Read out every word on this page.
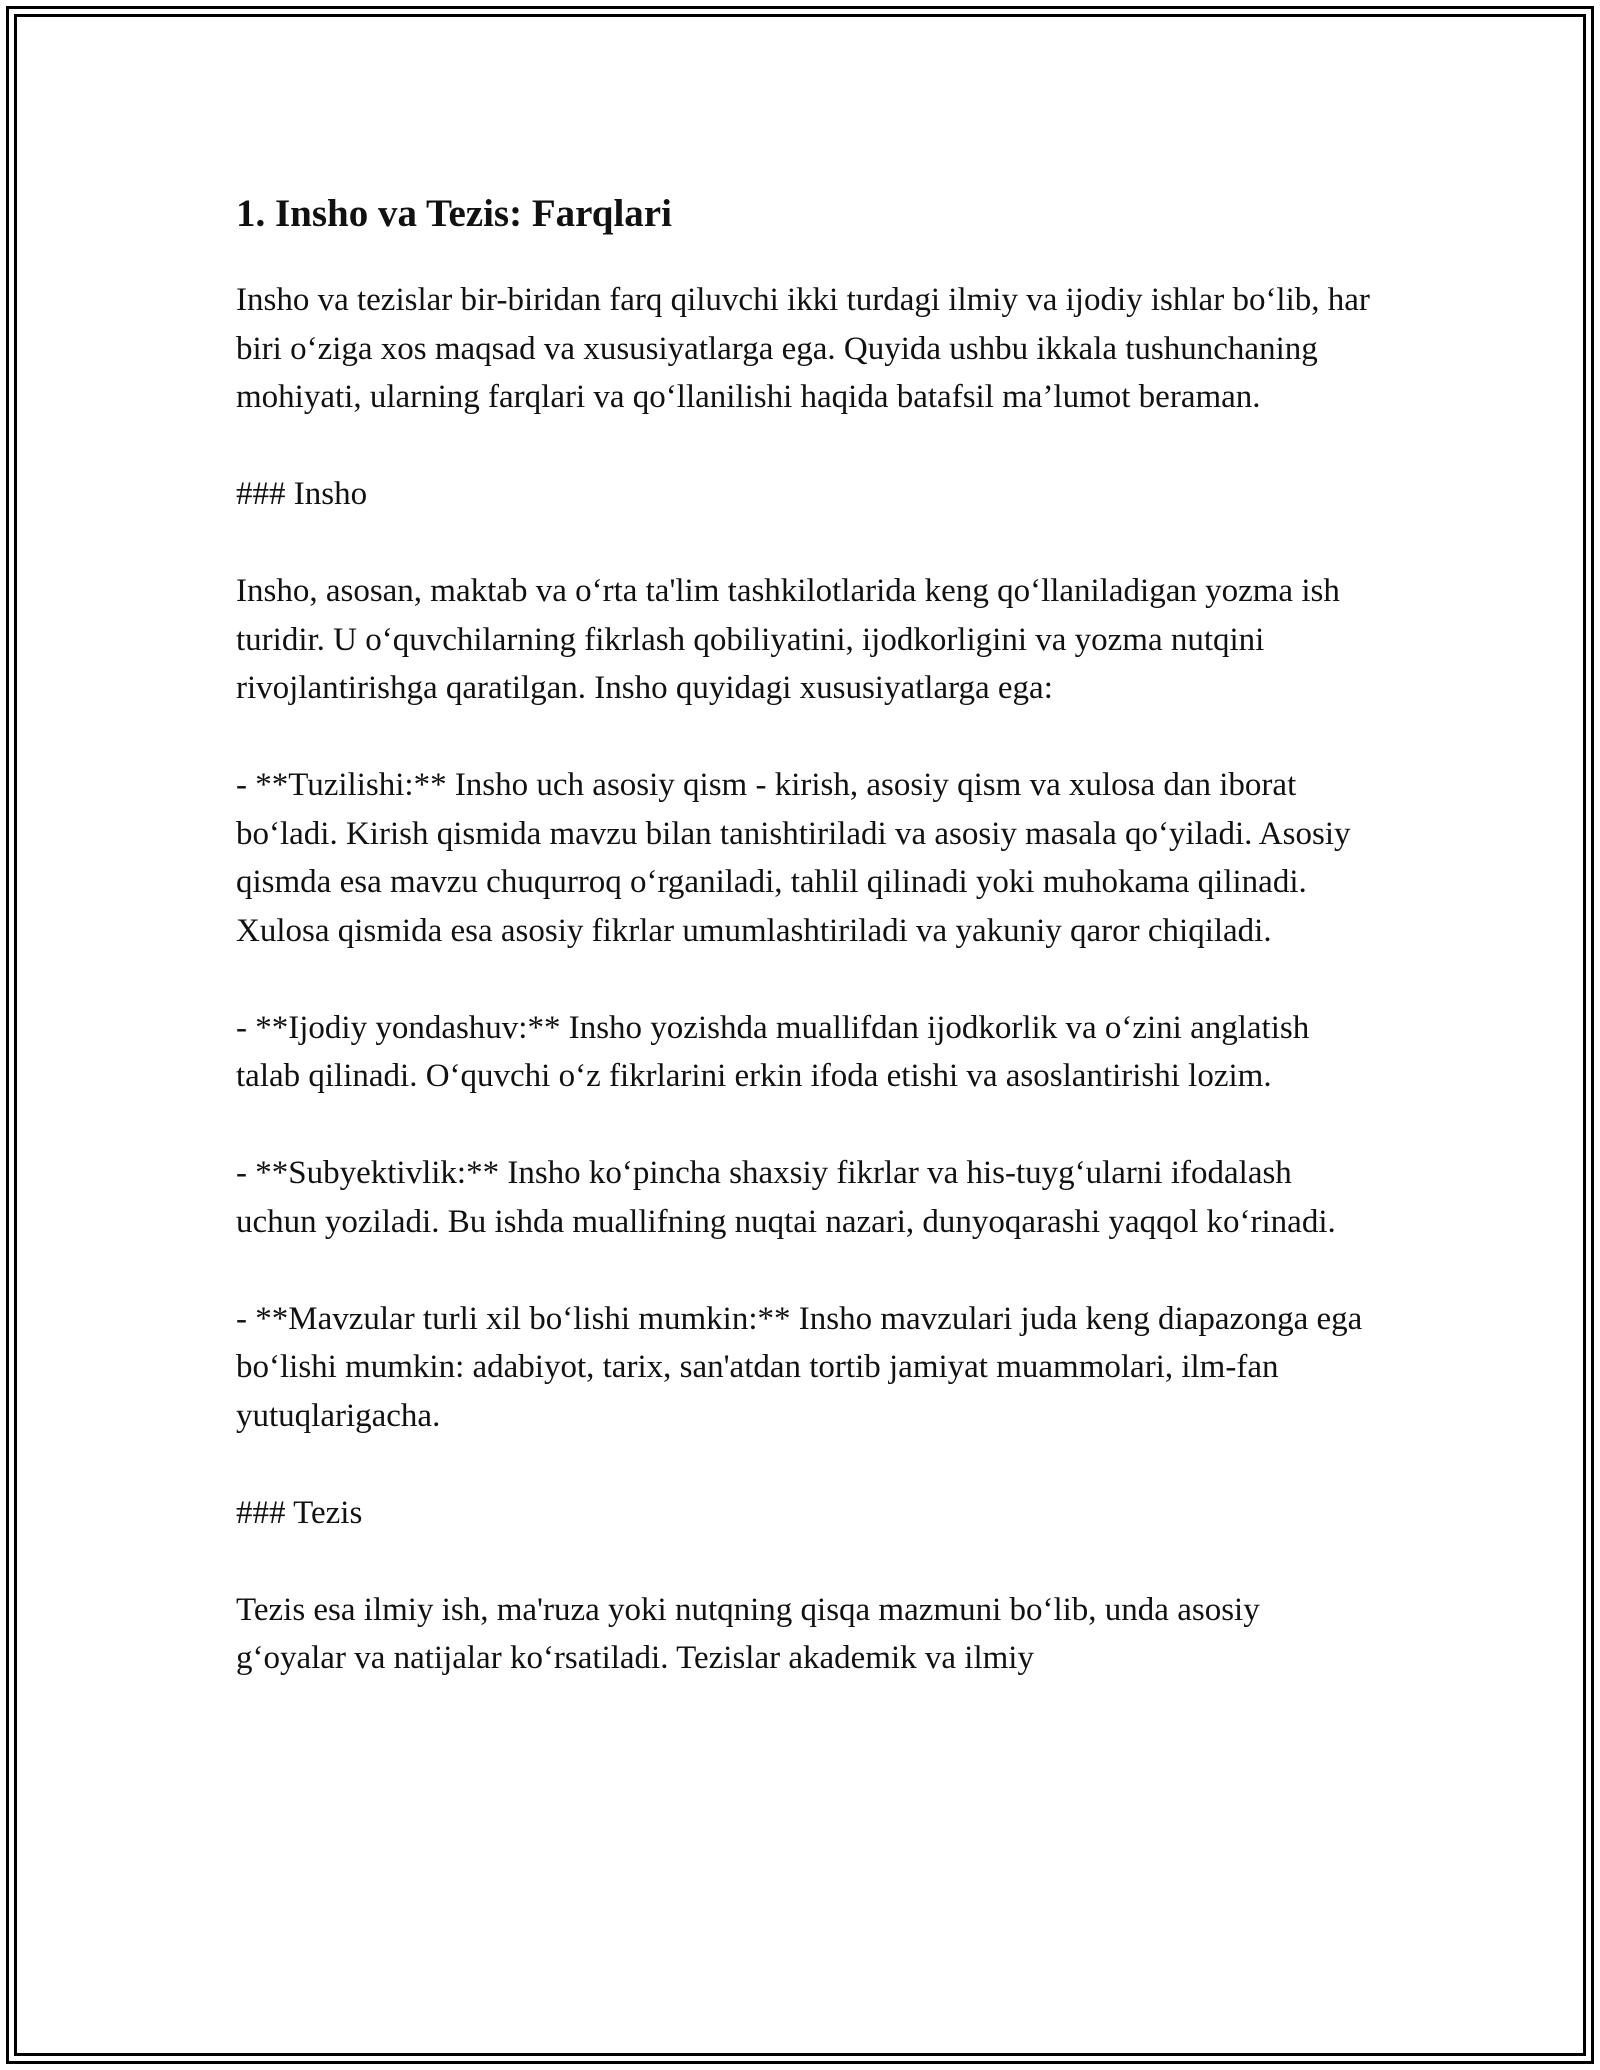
1. Insho va Tezis: Farqlari

Insho va tezislar bir-biridan farq qiluvchi ikki turdagi ilmiy va ijodiy ishlar bo‘lib, har biri o‘ziga xos maqsad va xususiyatlarga ega. Quyida ushbu ikkala tushunchaning mohiyati, ularning farqlari va qo‘llanilishi haqida batafsil ma’lumot beraman.

### Insho

Insho, asosan, maktab va o‘rta ta'lim tashkilotlarida keng qo‘llaniladigan yozma ish turidir. U o‘quvchilarning fikrlash qobiliyatini, ijodkorligini va yozma nutqini rivojlantirishga qaratilgan. Insho quyidagi xususiyatlarga ega:

- **Tuzilishi:** Insho uch asosiy qism - kirish, asosiy qism va xulosa dan iborat bo‘ladi. Kirish qismida mavzu bilan tanishtiriladi va asosiy masala qo‘yiladi. Asosiy qismda esa mavzu chuqurroq o‘rganiladi, tahlil qilinadi yoki muhokama qilinadi. Xulosa qismida esa asosiy fikrlar umumlashtiriladi va yakuniy qaror chiqiladi.

- **Ijodiy yondashuv:** Insho yozishda muallifdan ijodkorlik va o‘zini anglatish talab qilinadi. O‘quvchi o‘z fikrlarini erkin ifoda etishi va asoslantirishi lozim.

- **Subyektivlik:** Insho ko‘pincha shaxsiy fikrlar va his-tuyg‘ularni ifodalash uchun yoziladi. Bu ishda muallifning nuqtai nazari, dunyoqarashi yaqqol ko‘rinadi.

- **Mavzular turli xil bo‘lishi mumkin:** Insho mavzulari juda keng diapazonga ega bo‘lishi mumkin: adabiyot, tarix, san'atdan tortib jamiyat muammolari, ilm-fan yutuqlarigacha.

### Tezis

Tezis esa ilmiy ish, ma'ruza yoki nutqning qisqa mazmuni bo‘lib, unda asosiy g‘oyalar va natijalar ko‘rsatiladi. Tezislar akademik va ilmiy
